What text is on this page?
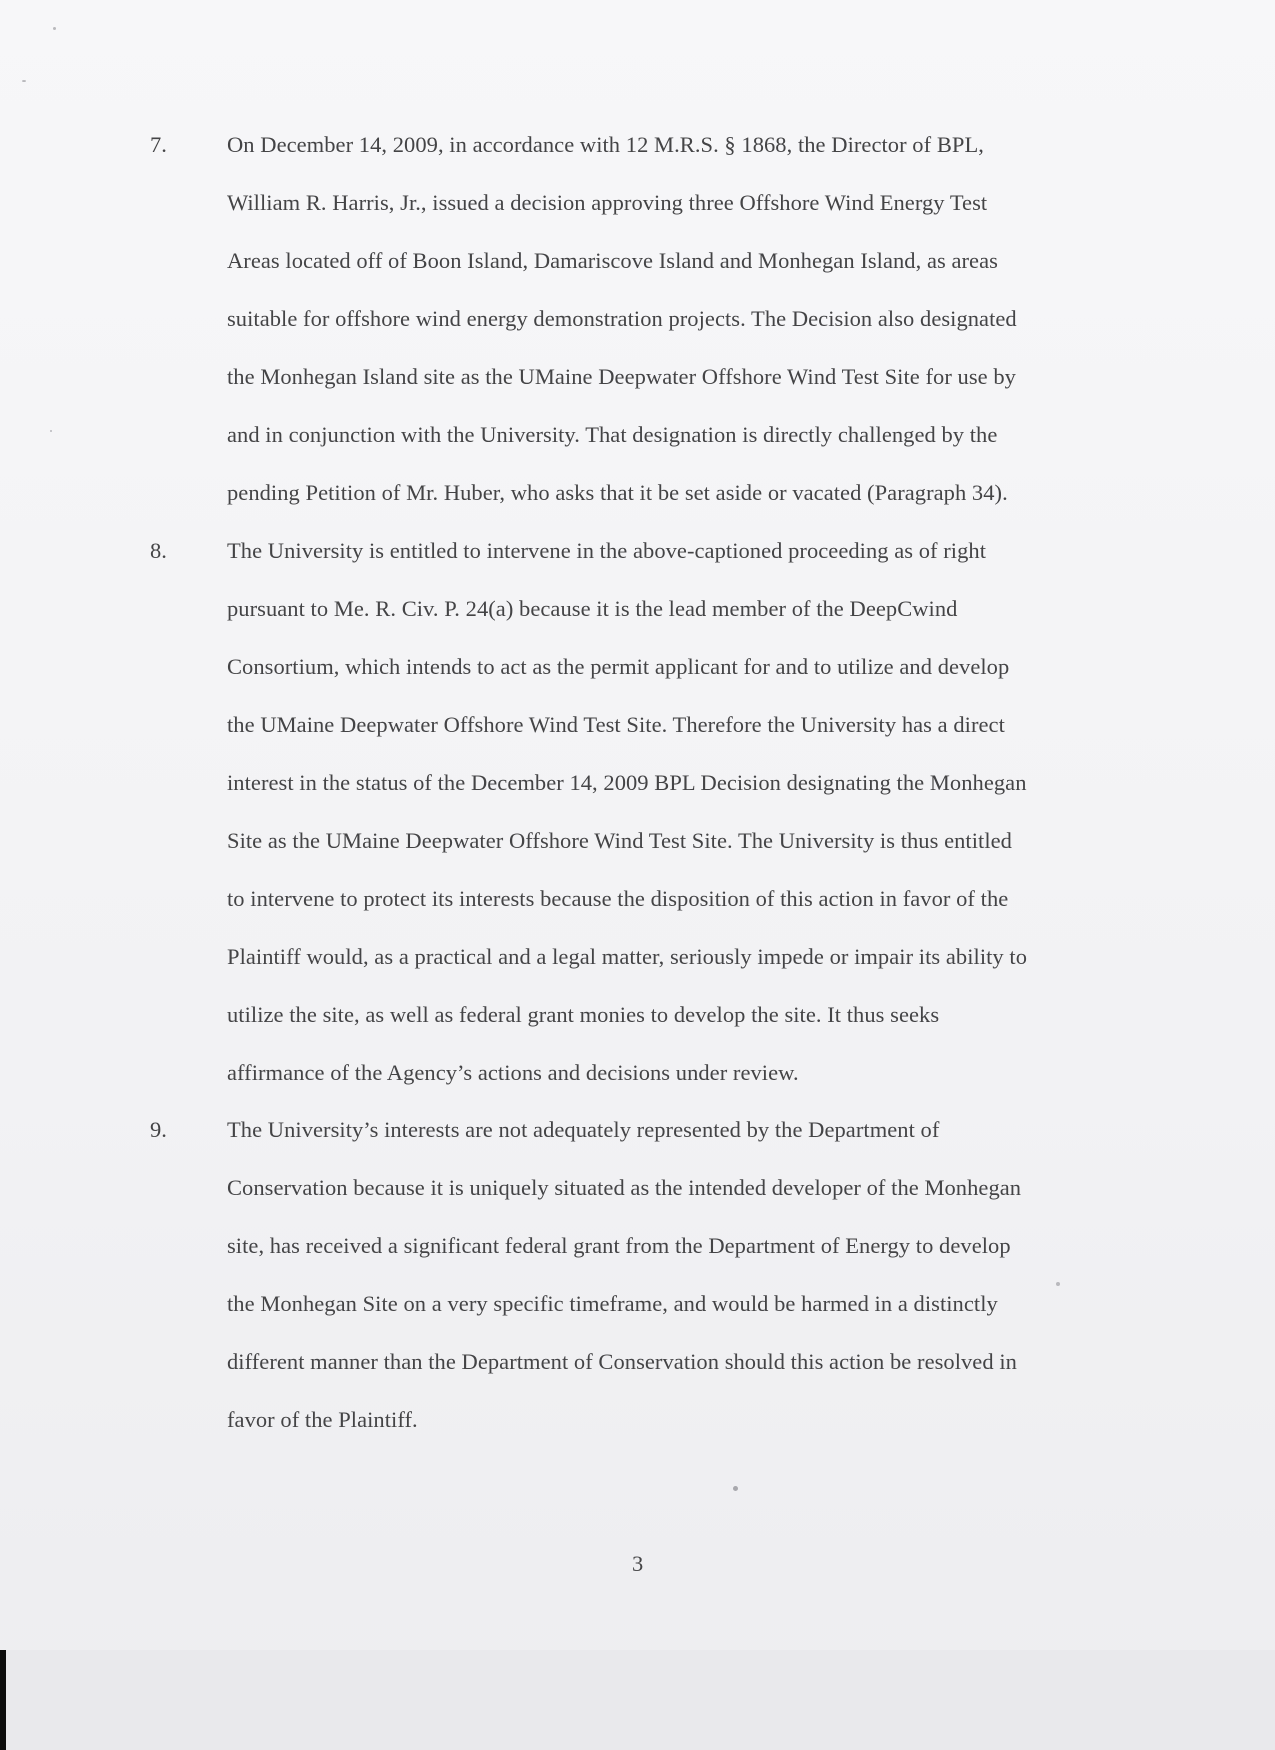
7.	On December 14, 2009, in accordance with 12 M.R.S. § 1868, the Director of BPL,
William R. Harris, Jr., issued a decision approving three Offshore Wind Energy Test
Areas located off of Boon Island, Damariscove Island and Monhegan Island, as areas
suitable for offshore wind energy demonstration projects. The Decision also designated
the Monhegan Island site as the UMaine Deepwater Offshore Wind Test Site for use by
and in conjunction with the University. That designation is directly challenged by the
pending Petition of Mr. Huber, who asks that it be set aside or vacated (Paragraph 34).
8.	The University is entitled to intervene in the above-captioned proceeding as of right
pursuant to Me. R. Civ. P. 24(a) because it is the lead member of the DeepCwind
Consortium, which intends to act as the permit applicant for and to utilize and develop
the UMaine Deepwater Offshore Wind Test Site. Therefore the University has a direct
interest in the status of the December 14, 2009 BPL Decision designating the Monhegan
Site as the UMaine Deepwater Offshore Wind Test Site. The University is thus entitled
to intervene to protect its interests because the disposition of this action in favor of the
Plaintiff would, as a practical and a legal matter, seriously impede or impair its ability to
utilize the site, as well as federal grant monies to develop the site. It thus seeks
affirmance of the Agency’s actions and decisions under review.
9.	The University’s interests are not adequately represented by the Department of
Conservation because it is uniquely situated as the intended developer of the Monhegan
site, has received a significant federal grant from the Department of Energy to develop
the Monhegan Site on a very specific timeframe, and would be harmed in a distinctly
different manner than the Department of Conservation should this action be resolved in
favor of the Plaintiff.
3
